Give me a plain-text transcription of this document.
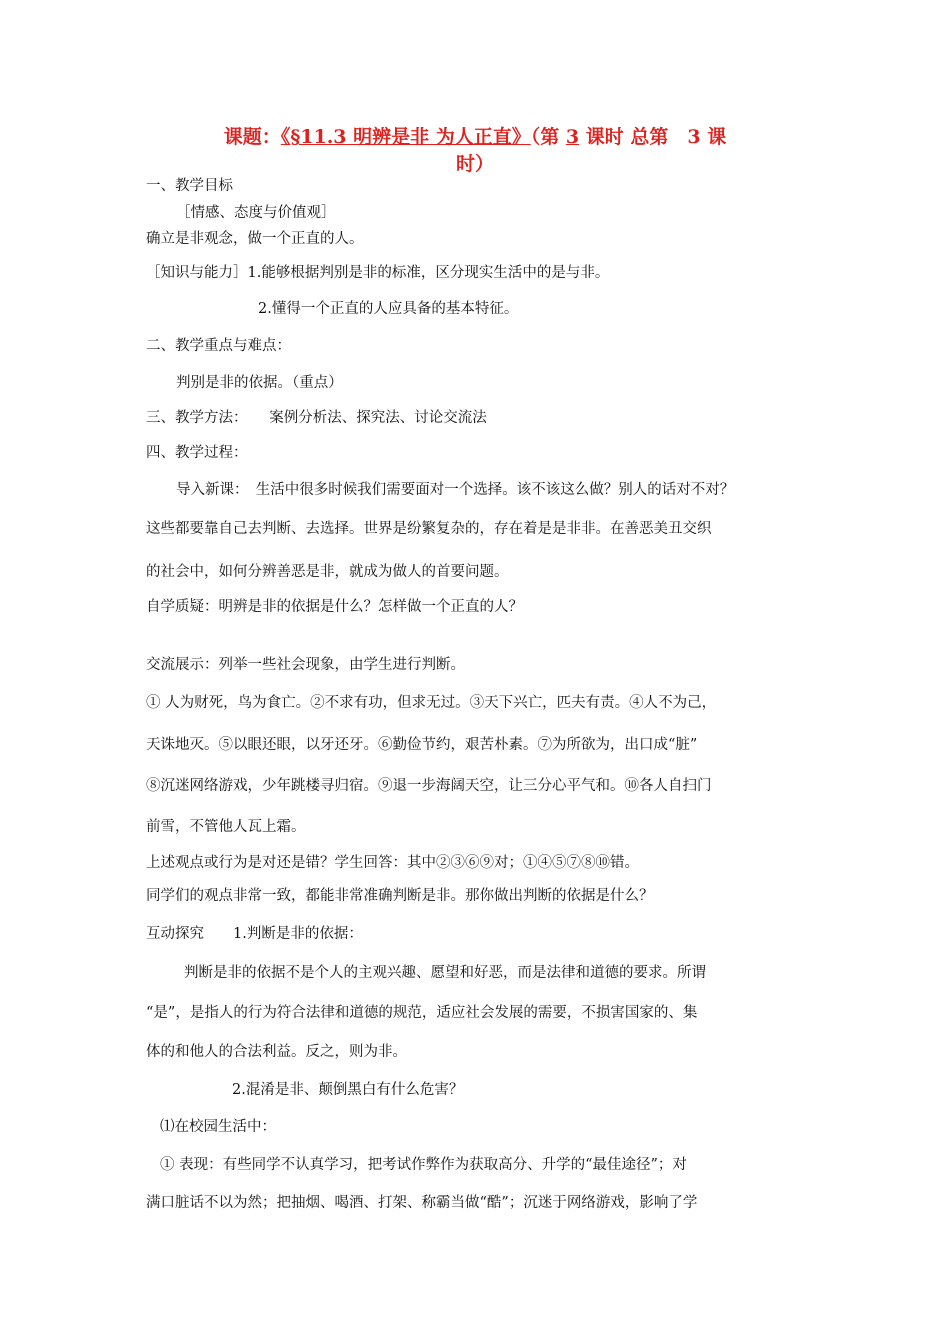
课题：《§11.3 明辨是非 为人正直》（第 3 课时 总第　3 课
时）
一、教学目标
［情感、态度与价值观］
确立是非观念，做一个正直的人。
［知识与能力］1.能够根据判别是非的标准，区分现实生活中的是与非。
2.懂得一个正直的人应具备的基本特征。
二、教学重点与难点：
判别是非的依据。（重点）
三、教学方法：　　案例分析法、探究法、讨论交流法
四、教学过程：
导入新课：　生活中很多时候我们需要面对一个选择。该不该这么做？别人的话对不对？
这些都要靠自己去判断、去选择。世界是纷繁复杂的，存在着是是非非。在善恶美丑交织
的社会中，如何分辨善恶是非，就成为做人的首要问题。
自学质疑：明辨是非的依据是什么？怎样做一个正直的人？
交流展示：列举一些社会现象，由学生进行判断。
① 人为财死，鸟为食亡。②不求有功，但求无过。③天下兴亡，匹夫有责。④人不为己，
天诛地灭。⑤以眼还眼，以牙还牙。⑥勤俭节约，艰苦朴素。⑦为所欲为，出口成“脏”
⑧沉迷网络游戏，少年跳楼寻归宿。⑨退一步海阔天空，让三分心平气和。⑩各人自扫门
前雪，不管他人瓦上霜。
上述观点或行为是对还是错？学生回答：其中②③⑥⑨对；①④⑤⑦⑧⑩错。
同学们的观点非常一致，都能非常准确判断是非。那你做出判断的依据是什么？
互动探究　　1.判断是非的依据：
判断是非的依据不是个人的主观兴趣、愿望和好恶，而是法律和道德的要求。所谓
“是”，是指人的行为符合法律和道德的规范，适应社会发展的需要，不损害国家的、集
体的和他人的合法利益。反之，则为非。
2.混淆是非、颠倒黑白有什么危害？
⑴在校园生活中：
① 表现：有些同学不认真学习，把考试作弊作为获取高分、升学的“最佳途径”；对
满口脏话不以为然；把抽烟、喝酒、打架、称霸当做“酷”；沉迷于网络游戏，影响了学
